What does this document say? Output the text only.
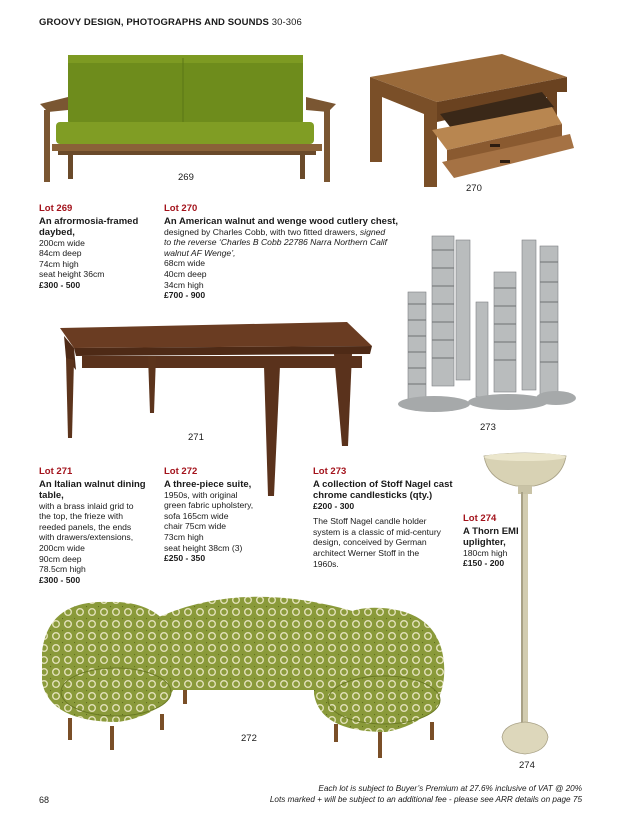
GROOVY DESIGN, PHOTOGRAPHS AND SOUNDS 30-306
269
270
Lot 269
An afrormosia-framed daybed,
200cm wide
84cm deep
74cm high
seat height 36cm
£300 - 500
Lot 270
An American walnut and wenge wood cutlery chest,
designed by Charles Cobb, with two fitted drawers, signed
to the reverse ‘Charles B Cobb 22786 Narra Northern Calif
walnut AF Wenge’,
68cm wide
40cm deep
34cm high
£700 - 900
271
273
Lot 271
An Italian walnut dining table,
with a brass inlaid grid to
the top, the frieze with
reeded panels, the ends
with drawers/extensions,
200cm wide
90cm deep
78.5cm high
£300 - 500
Lot 272
A three-piece suite,
1950s, with original
green fabric upholstery,
sofa 165cm wide
chair 75cm wide
73cm high
seat height 38cm (3)
£250 - 350
Lot 273
A collection of Stoff Nagel cast chrome candlesticks (qty.)
£200 - 300
The Stoff Nagel candle holder
system is a classic of mid-century
design, conceived by German
architect Werner Stoff in the
1960s.
Lot 274
A Thorn EMI uplighter,
180cm high
£150 - 200
272
274
68
Each lot is subject to Buyer’s Premium at 27.6% inclusive of VAT @ 20%
Lots marked + will be subject to an additional fee - please see ARR details on page 75
